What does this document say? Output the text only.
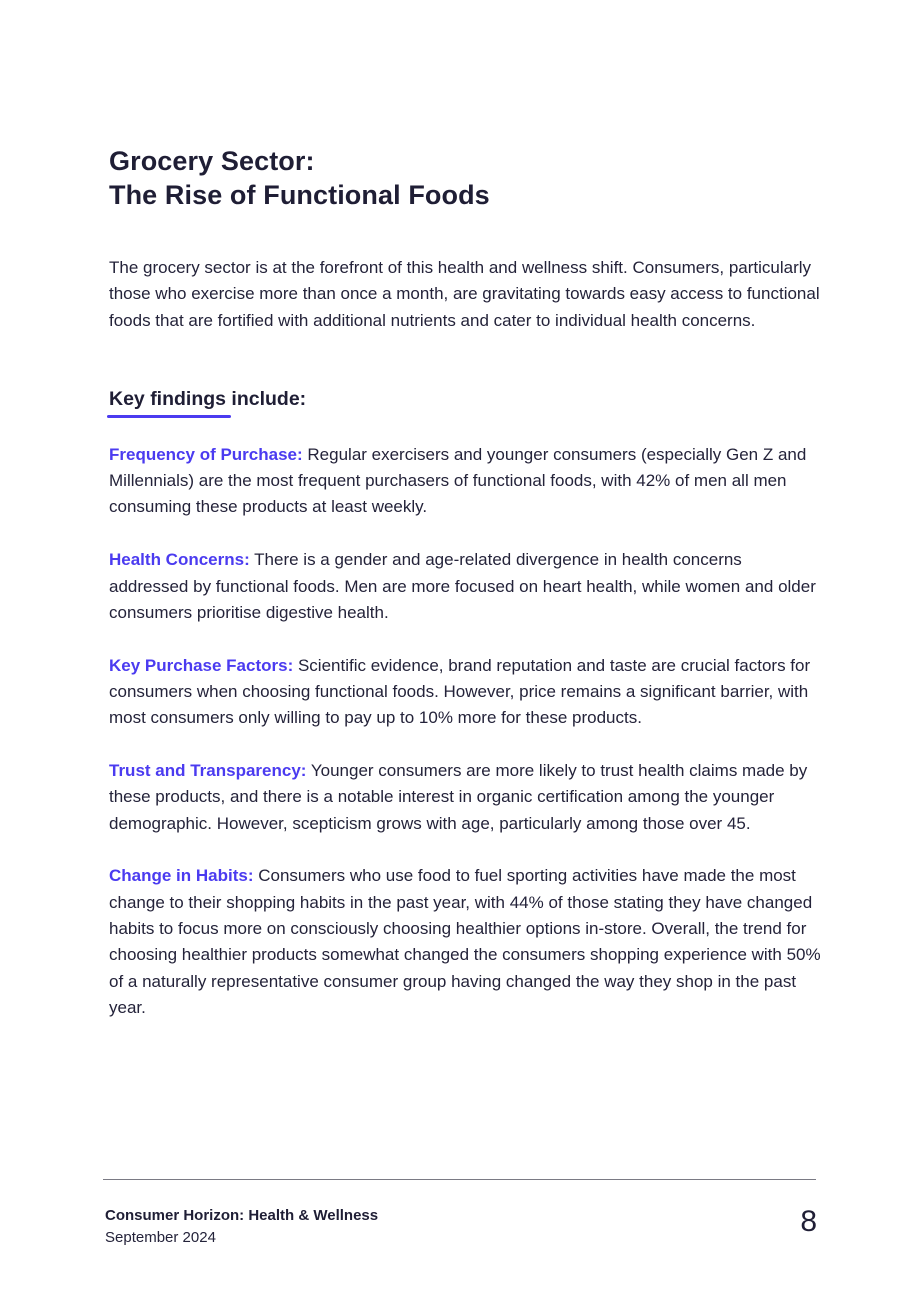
Grocery Sector:
The Rise of Functional Foods

The grocery sector is at the forefront of this health and wellness shift. Consumers, particularly those who exercise more than once a month, are gravitating towards easy access to functional foods that are fortified with additional nutrients and cater to individual health concerns.

Key findings include:

Frequency of Purchase: Regular exercisers and younger consumers (especially Gen Z and Millennials) are the most frequent purchasers of functional foods, with 42% of men all men consuming these products at least weekly.

Health Concerns: There is a gender and age-related divergence in health concerns addressed by functional foods. Men are more focused on heart health, while women and older consumers prioritise digestive health.

Key Purchase Factors: Scientific evidence, brand reputation and taste are crucial factors for consumers when choosing functional foods. However, price remains a significant barrier, with most consumers only willing to pay up to 10% more for these products.

Trust and Transparency: Younger consumers are more likely to trust health claims made by these products, and there is a notable interest in organic certification among the younger demographic. However, scepticism grows with age, particularly among those over 45.

Change in Habits: Consumers who use food to fuel sporting activities have made the most change to their shopping habits in the past year, with 44% of those stating they have changed habits to focus more on consciously choosing healthier options in-store. Overall, the trend for choosing healthier products somewhat changed the consumers shopping experience with 50% of a naturally representative consumer group having changed the way they shop in the past year.

Consumer Horizon: Health & Wellness
September 2024	8
